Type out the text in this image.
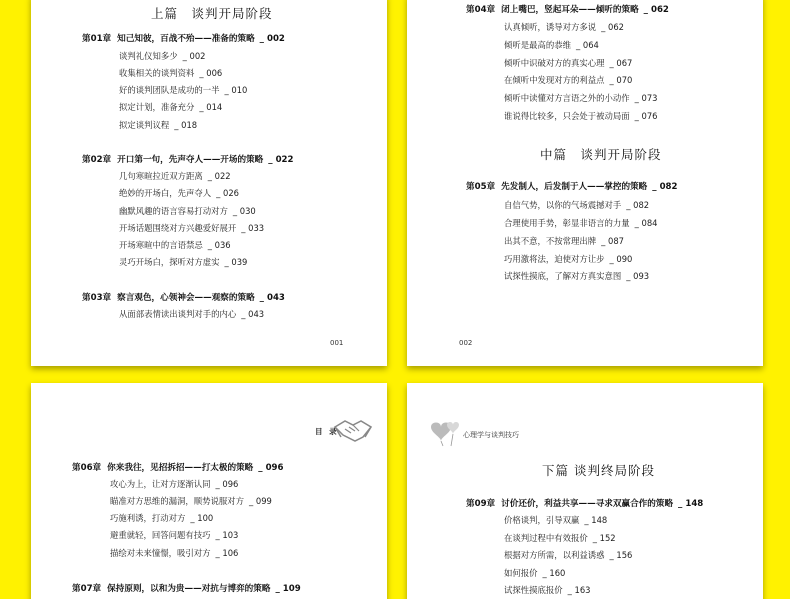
上篇　谈判开局阶段
第01章 知己知彼，百战不殆——准备的策略 _ 002
谈判礼仪知多少 _ 002
收集相关的谈判资料 _ 006
好的谈判团队是成功的一半 _ 010
拟定计划，准备充分 _ 014
拟定谈判议程 _ 018
第02章 开口第一句，先声夺人——开场的策略 _ 022
几句寒暄拉近双方距离 _ 022
绝妙的开场白，先声夺人 _ 026
幽默风趣的语言容易打动对方 _ 030
开场话题围绕对方兴趣爱好展开 _ 033
开场寒暄中的言语禁忌 _ 036
灵巧开场白，探听对方虚实 _ 039
第03章 察言观色，心领神会——观察的策略 _ 043
从面部表情读出谈判对手的内心 _ 043
001
第04章 闭上嘴巴，竖起耳朵——倾听的策略 _ 062
认真倾听，诱导对方多说 _ 062
倾听是最高的恭维 _ 064
倾听中识破对方的真实心理 _ 067
在倾听中发现对方的利益点 _ 070
倾听中读懂对方言语之外的小动作 _ 073
谁说得比较多，只会处于被动局面 _ 076
中篇　谈判开局阶段
第05章 先发制人，后发制于人——掌控的策略 _ 082
自信气势，以你的气场震撼对手 _ 082
合理使用手势，彰显非语言的力量 _ 084
出其不意，不按常理出牌 _ 087
巧用激将法，迫使对方让步 _ 090
试探性摸底，了解对方真实意图 _ 093
002
目 录
第06章 你来我往，见招拆招——打太极的策略 _ 096
攻心为上，让对方逐渐认同 _ 096
瞄准对方思维的漏洞，顺势说服对方 _ 099
巧施利诱，打动对方 _ 100
避重就轻，回答问题有技巧 _ 103
描绘对未来憧憬，吸引对方 _ 106
第07章 保持原则，以和为贵——对抗与博弈的策略 _ 109
心理学与谈判技巧
下篇 谈判终局阶段
第09章 讨价还价，利益共享——寻求双赢合作的策略 _ 148
价格谈判，引导双赢 _ 148
在谈判过程中有效报价 _ 152
根据对方所需，以利益诱惑 _ 156
如何报价 _ 160
试探性摸底报价 _ 163
